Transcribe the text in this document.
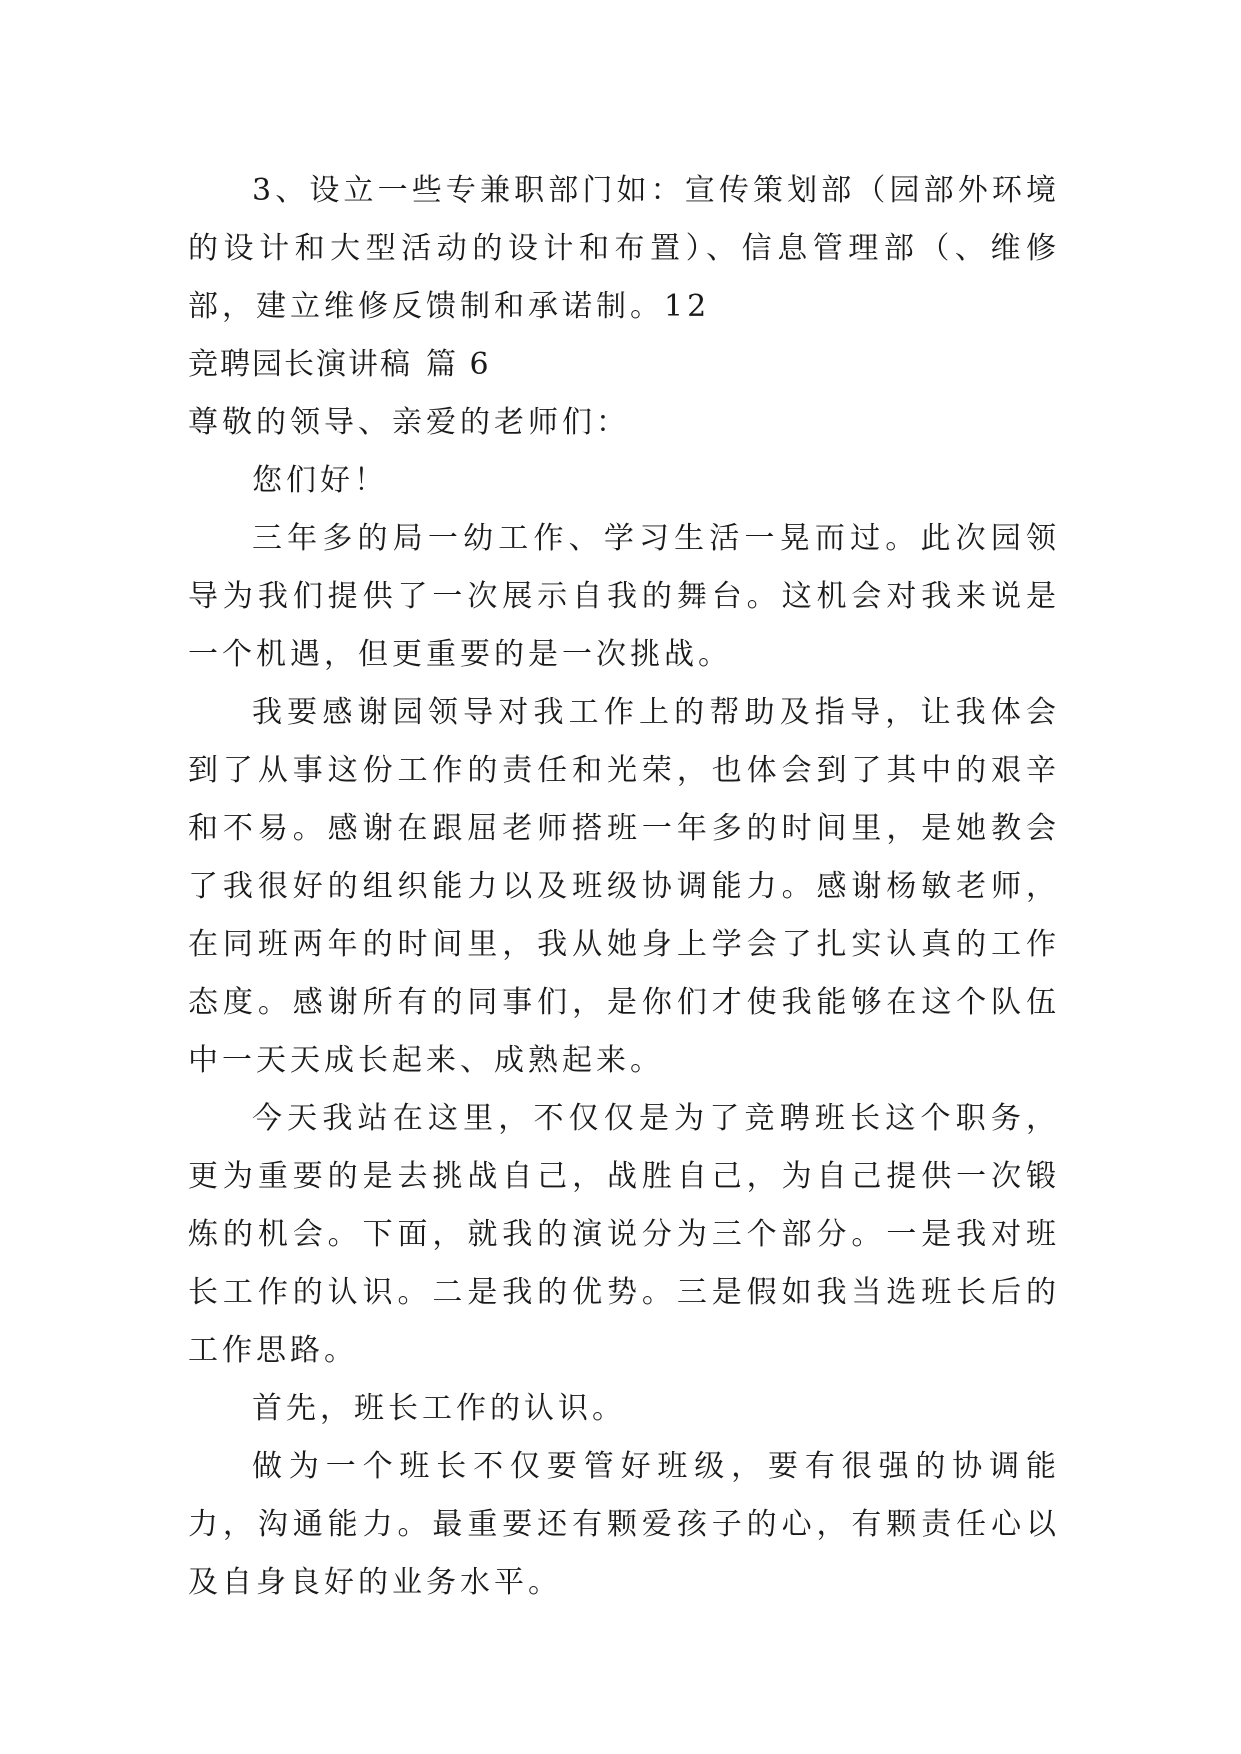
3、设立一些专兼职部门如：宣传策划部（园部外环境的设计和大型活动的设计和布置）、信息管理部（、维修部，建立维修反馈制和承诺制。12

竞聘园长演讲稿 篇 6

尊敬的领导、亲爱的老师们：

您们好！

三年多的局一幼工作、学习生活一晃而过。此次园领导为我们提供了一次展示自我的舞台。这机会对我来说是一个机遇，但更重要的是一次挑战。

我要感谢园领导对我工作上的帮助及指导，让我体会到了从事这份工作的责任和光荣，也体会到了其中的艰辛和不易。感谢在跟屈老师搭班一年多的时间里，是她教会了我很好的组织能力以及班级协调能力。感谢杨敏老师，在同班两年的时间里，我从她身上学会了扎实认真的工作态度。感谢所有的同事们，是你们才使我能够在这个队伍中一天天成长起来、成熟起来。

今天我站在这里，不仅仅是为了竞聘班长这个职务，更为重要的是去挑战自己，战胜自己，为自己提供一次锻炼的机会。下面，就我的演说分为三个部分。一是我对班长工作的认识。二是我的优势。三是假如我当选班长后的工作思路。

首先，班长工作的认识。

做为一个班长不仅要管好班级，要有很强的协调能力，沟通能力。最重要还有颗爱孩子的心，有颗责任心以及自身良好的业务水平。
